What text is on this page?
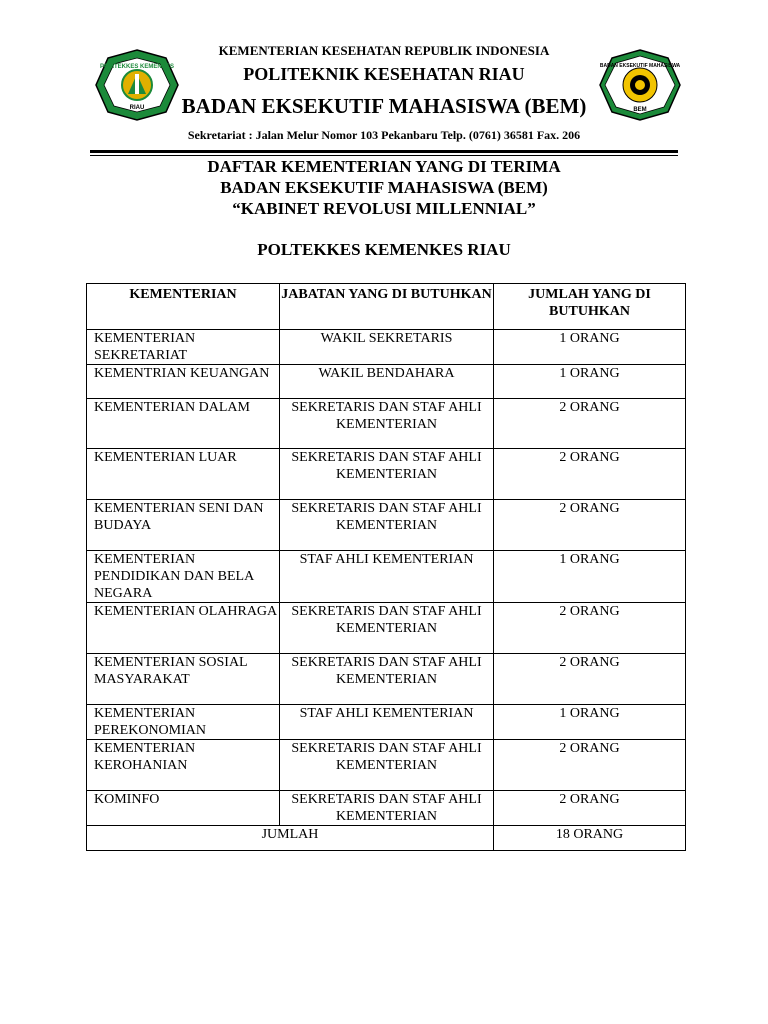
POLITEKKES KEMENKES
RIAU
BADAN EKSEKUTIF MAHASISWA
BEM
KEMENTERIAN KESEHATAN REPUBLIK INDONESIA
POLITEKNIK KESEHATAN RIAU
BADAN EKSEKUTIF MAHASISWA (BEM)
Sekretariat : Jalan Melur Nomor 103 Pekanbaru Telp. (0761) 36581 Fax. 206
DAFTAR KEMENTERIAN YANG DI TERIMA
BADAN EKSEKUTIF MAHASISWA (BEM)
“KABINET REVOLUSI MILLENNIAL”
POLTEKKES KEMENKES RIAU
KEMENTERIAN	JABATAN YANG DI BUTUHKAN	JUMLAH YANG DI BUTUHKAN
KEMENTERIAN SEKRETARIAT	WAKIL SEKRETARIS	1 ORANG
KEMENTRIAN KEUANGAN	WAKIL BENDAHARA	1 ORANG
KEMENTERIAN DALAM	SEKRETARIS DAN STAF AHLI KEMENTERIAN	2 ORANG
KEMENTERIAN LUAR	SEKRETARIS DAN STAF AHLI KEMENTERIAN	2 ORANG
KEMENTERIAN SENI DAN BUDAYA	SEKRETARIS DAN STAF AHLI KEMENTERIAN	2 ORANG
KEMENTERIAN PENDIDIKAN DAN BELA NEGARA	STAF AHLI KEMENTERIAN	1 ORANG
KEMENTERIAN OLAHRAGA	SEKRETARIS DAN STAF AHLI KEMENTERIAN	2 ORANG
KEMENTERIAN SOSIAL MASYARAKAT	SEKRETARIS DAN STAF AHLI KEMENTERIAN	2 ORANG
KEMENTERIAN PEREKONOMIAN	STAF AHLI KEMENTERIAN	1 ORANG
KEMENTERIAN KEROHANIAN	SEKRETARIS DAN STAF AHLI KEMENTERIAN	2 ORANG
KOMINFO	SEKRETARIS DAN STAF AHLI KEMENTERIAN	2 ORANG
JUMLAH		18 ORANG
